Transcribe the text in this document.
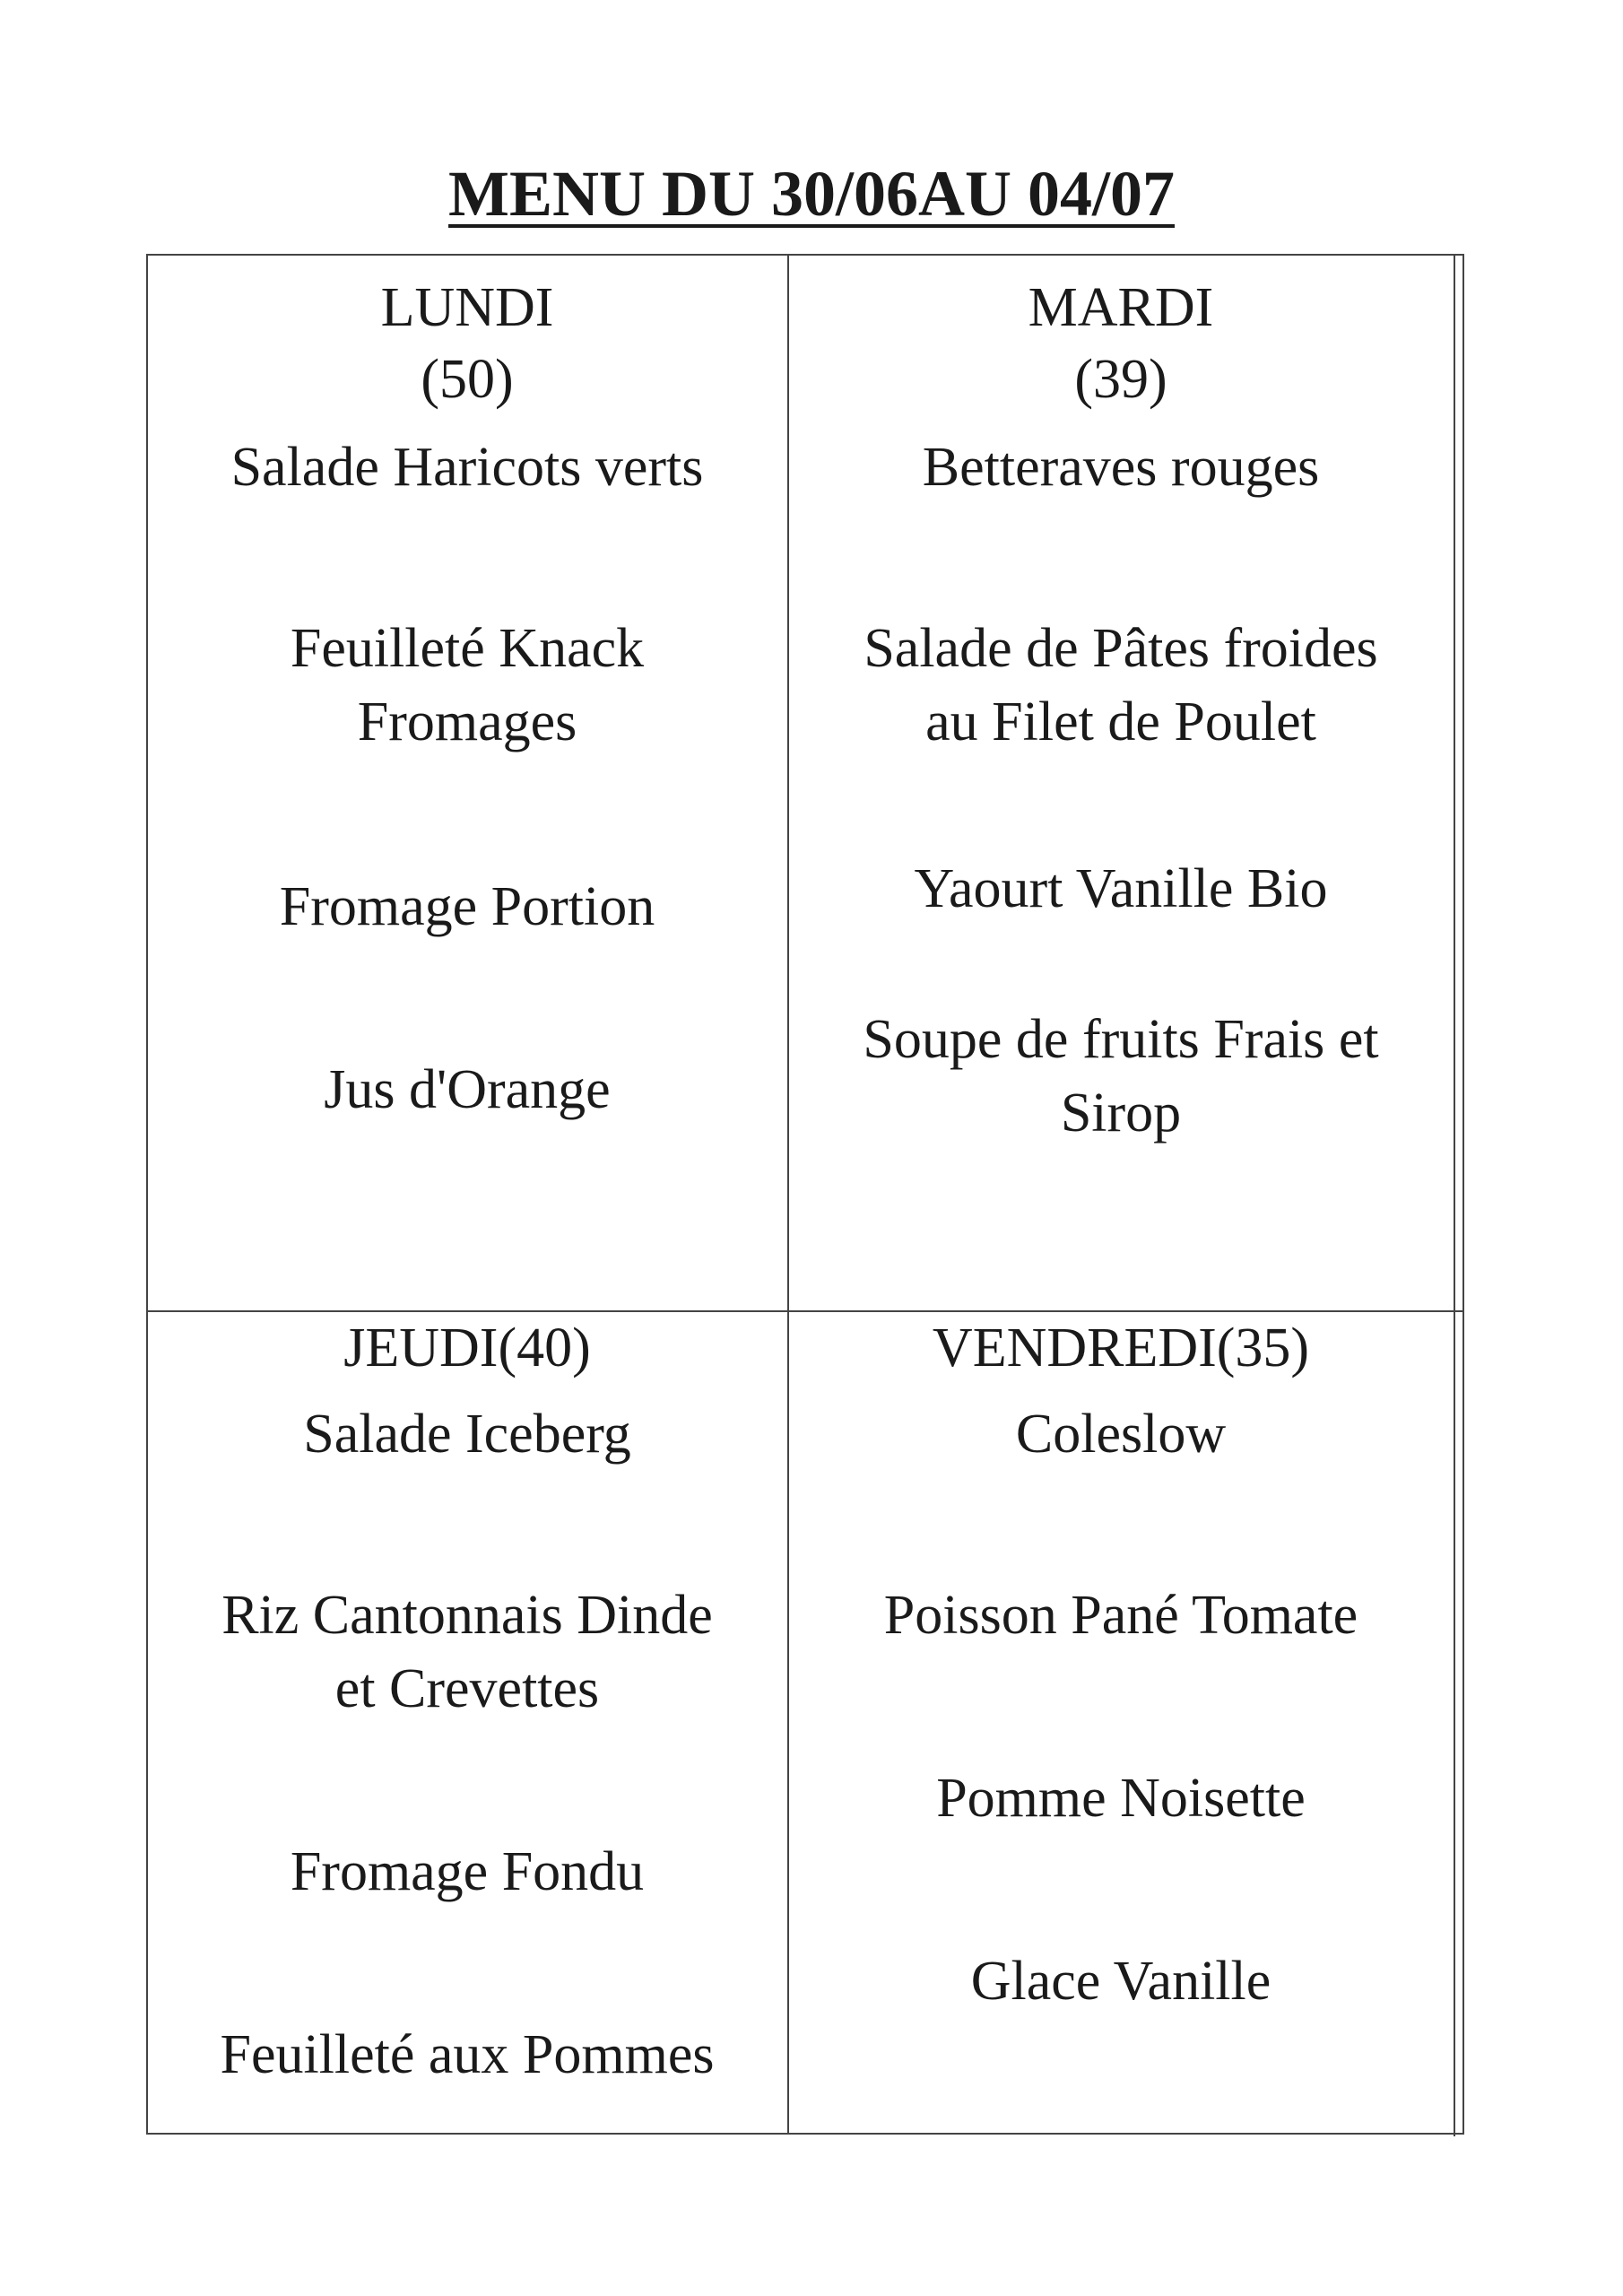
MENU DU 30/06AU 04/07
LUNDI
(50)
Salade Haricots verts
Feuilleté Knack
Fromages
Fromage Portion
Jus d'Orange
MARDI
(39)
Betteraves rouges
Salade de Pâtes froides
au Filet de Poulet
Yaourt Vanille Bio
Soupe de fruits Frais et
Sirop
JEUDI(40)
Salade Iceberg
Riz Cantonnais Dinde
et Crevettes
Fromage Fondu
Feuilleté aux Pommes
VENDREDI(35)
Coleslow
Poisson Pané Tomate
Pomme Noisette
Glace Vanille
